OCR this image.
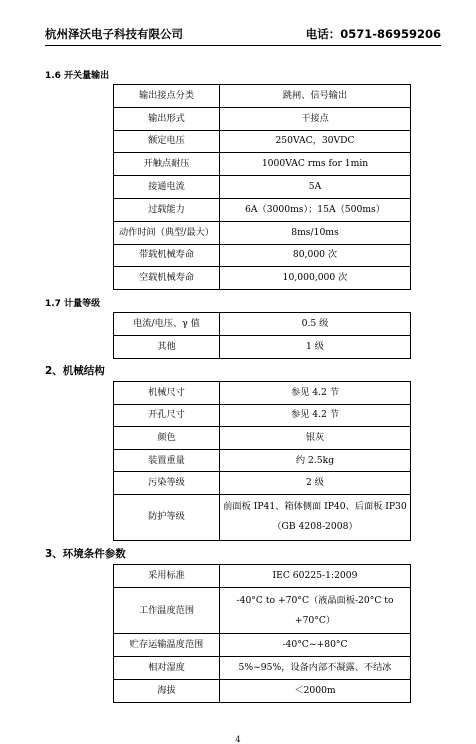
杭州泽沃电子科技有限公司	电话：0571-86959206
1.6 开关量输出
输出接点分类	跳闸、信号输出
输出形式	干接点
额定电压	250VAC，30VDC
开触点耐压	1000VAC rms for 1min
接通电流	5A
过载能力	6A（3000ms）；15A（500ms）
动作时间（典型/最大）	8ms/10ms
带载机械寿命	80,000 次
空载机械寿命	10,000,000 次
1.7 计量等级
电流/电压、γ 值	0.5 级
其他	1 级
2、机械结构
机械尺寸	参见 4.2 节
开孔尺寸	参见 4.2 节
颜色	银灰
装置重量	约 2.5kg
污染等级	2 级
防护等级	前面板 IP41、箱体侧面 IP40、后面板 IP30
（GB 4208-2008）
3、环境条件参数
采用标准	IEC 60225-1:2009
工作温度范围	-40°C to +70°C（液晶面板-20°C to
+70°C）

贮存运输温度范围	-40°C~+80°C
相对湿度	5%~95%，设备内部不凝露、不结冰
海拔	＜2000m
4
